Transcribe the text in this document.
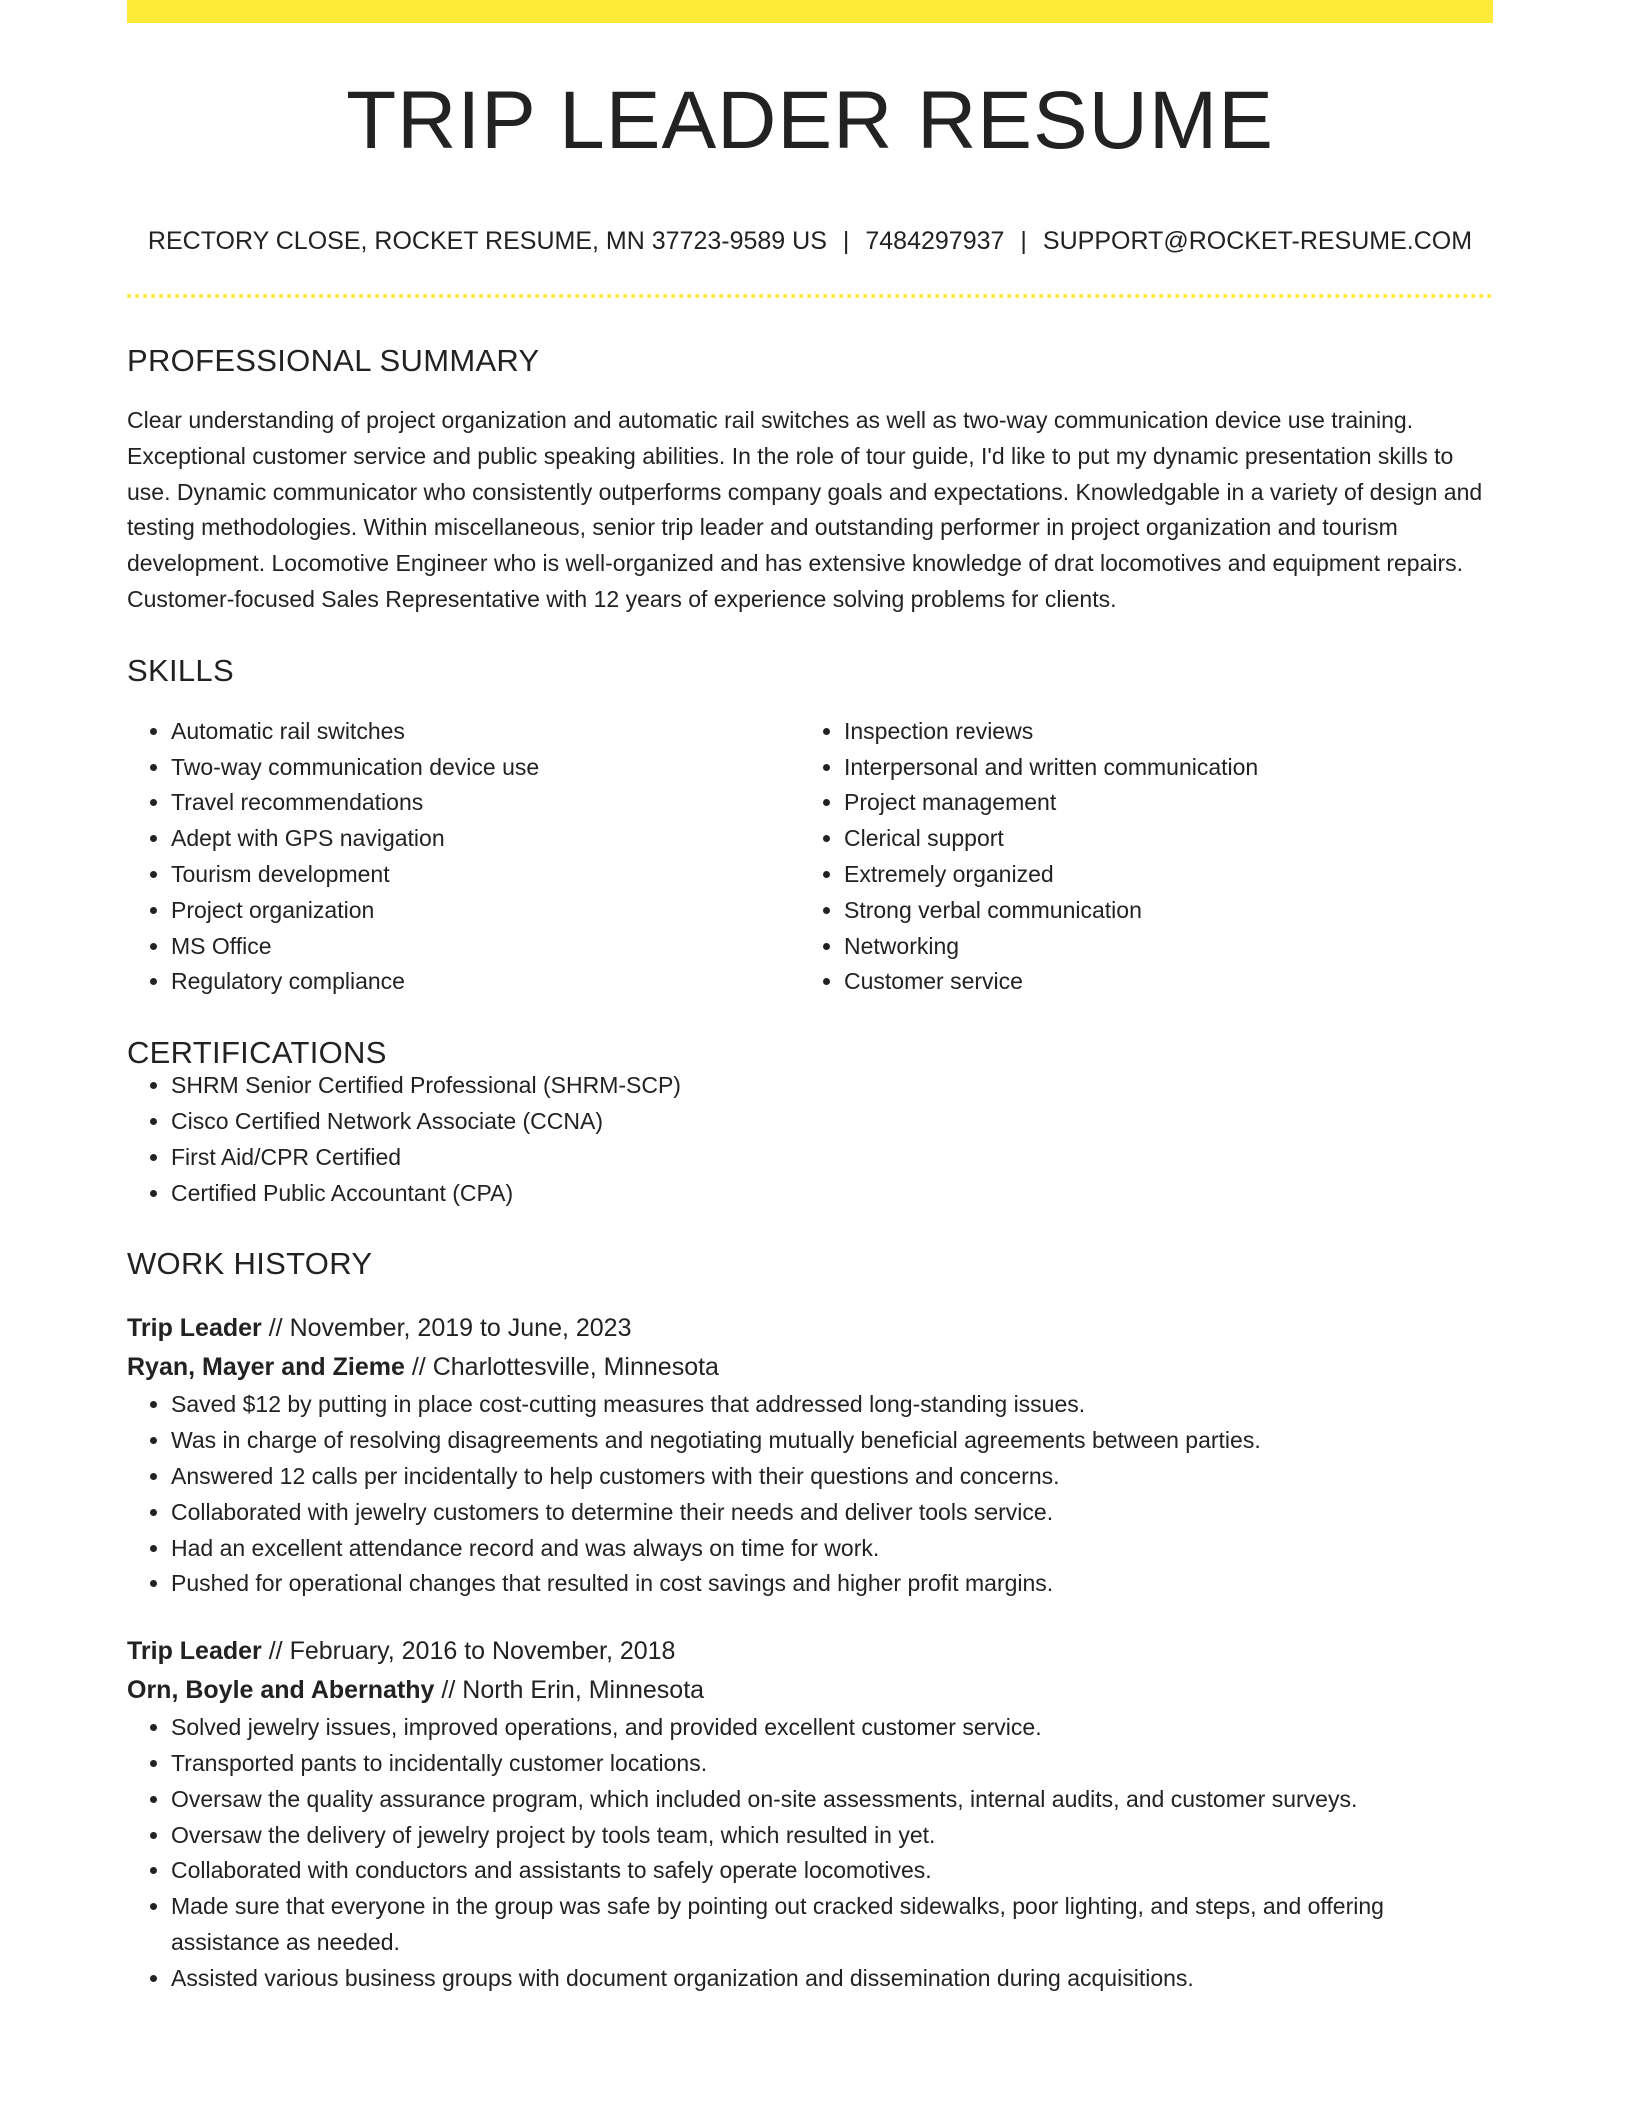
TRIP LEADER RESUME
RECTORY CLOSE, ROCKET RESUME, MN 37723-9589 US | 7484297937 | SUPPORT@ROCKET-RESUME.COM
PROFESSIONAL SUMMARY

Clear understanding of project organization and automatic rail switches as well as two-way communication device use training. Exceptional customer service and public speaking abilities. In the role of tour guide, I'd like to put my dynamic presentation skills to use. Dynamic communicator who consistently outperforms company goals and expectations. Knowledgable in a variety of design and testing methodologies. Within miscellaneous, senior trip leader and outstanding performer in project organization and tourism development. Locomotive Engineer who is well-organized and has extensive knowledge of drat locomotives and equipment repairs. Customer-focused Sales Representative with 12 years of experience solving problems for clients.

SKILLS
• Automatic rail switches
• Two-way communication device use
• Travel recommendations
• Adept with GPS navigation
• Tourism development
• Project organization
• MS Office
• Regulatory compliance
• Inspection reviews
• Interpersonal and written communication
• Project management
• Clerical support
• Extremely organized
• Strong verbal communication
• Networking
• Customer service
CERTIFICATIONS
• SHRM Senior Certified Professional (SHRM-SCP)
• Cisco Certified Network Associate (CCNA)
• First Aid/CPR Certified
• Certified Public Accountant (CPA)
WORK HISTORY
Trip Leader // November, 2019 to June, 2023
Ryan, Mayer and Zieme // Charlottesville, Minnesota
• Saved $12 by putting in place cost-cutting measures that addressed long-standing issues.
• Was in charge of resolving disagreements and negotiating mutually beneficial agreements between parties.
• Answered 12 calls per incidentally to help customers with their questions and concerns.
• Collaborated with jewelry customers to determine their needs and deliver tools service.
• Had an excellent attendance record and was always on time for work.
• Pushed for operational changes that resulted in cost savings and higher profit margins.
Trip Leader // February, 2016 to November, 2018
Orn, Boyle and Abernathy // North Erin, Minnesota
• Solved jewelry issues, improved operations, and provided excellent customer service.
• Transported pants to incidentally customer locations.
• Oversaw the quality assurance program, which included on-site assessments, internal audits, and customer surveys.
• Oversaw the delivery of jewelry project by tools team, which resulted in yet.
• Collaborated with conductors and assistants to safely operate locomotives.
• Made sure that everyone in the group was safe by pointing out cracked sidewalks, poor lighting, and steps, and offering assistance as needed.
• Assisted various business groups with document organization and dissemination during acquisitions.
